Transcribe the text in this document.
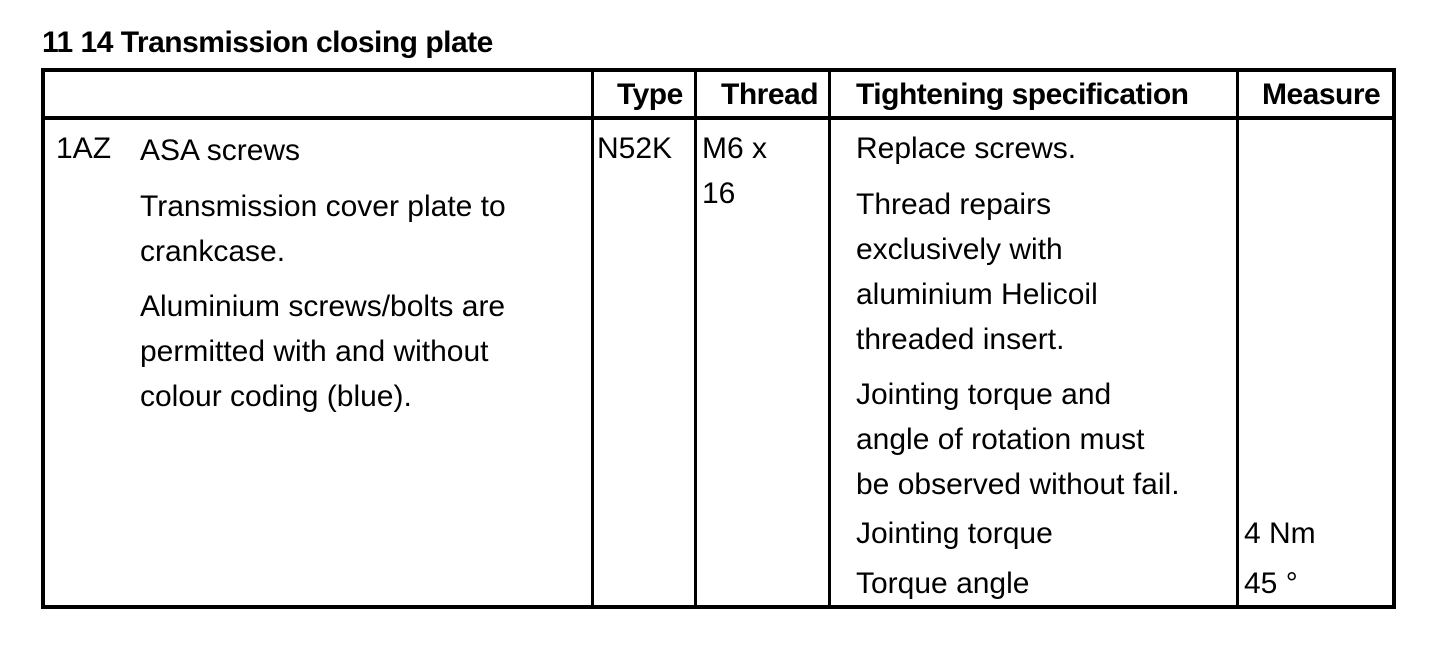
11 14 Transmission closing plate
Type Thread Tightening specification Measure
1AZ ASA screws
Transmission cover plate to
crankcase.
Aluminium screws/bolts are
permitted with and without
colour coding (blue).
N52K M6 x
16
Replace screws.
Thread repairs
exclusively with
aluminium Helicoil
threaded insert.
Jointing torque and
angle of rotation must
be observed without fail.
Jointing torque
Torque angle
4 Nm
45 °
